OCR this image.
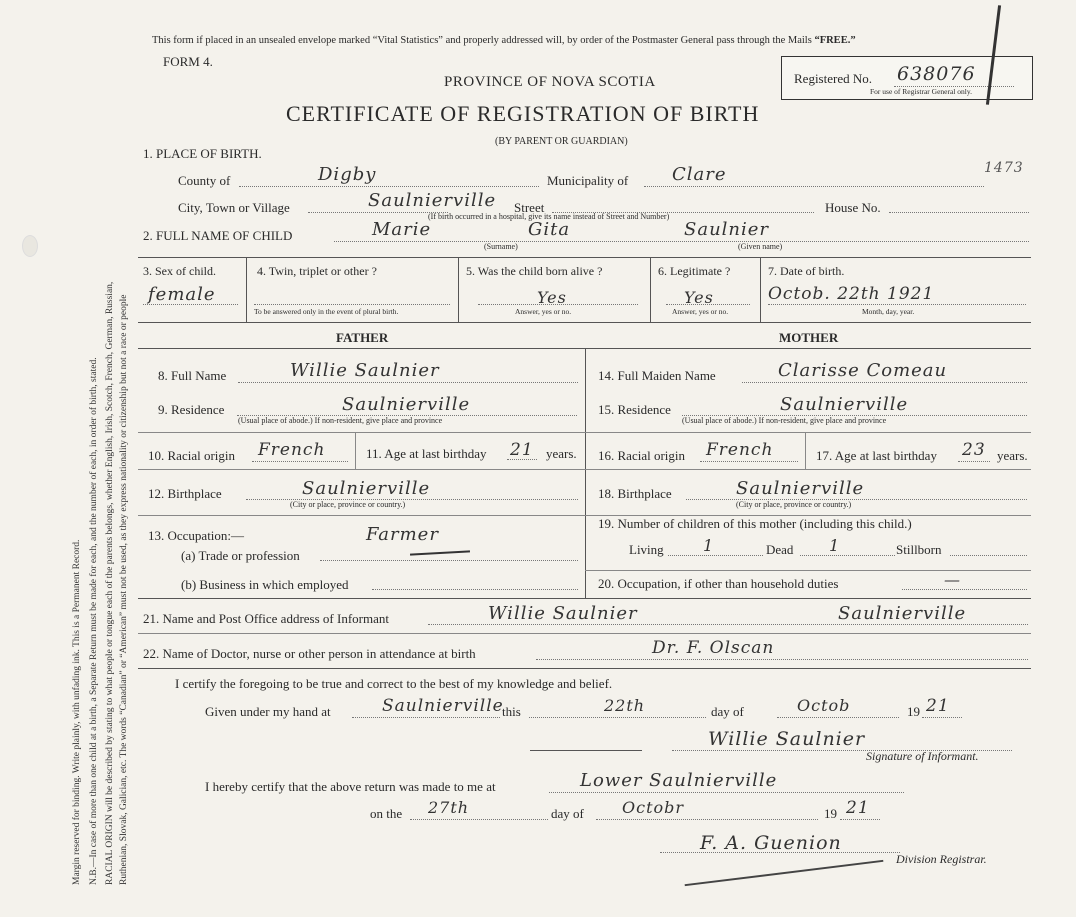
Margin reserved for binding. Write plainly, with unfading ink. This is a Permanent Record. N.B.—In case of more than one child at a birth, a Separate Return must be made for each, and the number of each, in order of birth, stated. RACIAL ORIGIN will be described by stating to what people or tongue each of the parents belongs, whether English, Irish, Scotch, French, German, Russian, Ruthenian, Slovak, Galician, etc. The words “Canadian” or “American” must not be used, as they express nationality or citizenship but not a race or people
This form if placed in an unsealed envelope marked “Vital Statistics” and properly addressed will, by order of the Postmaster General pass through the Mails “FREE.”
FORM 4.
PROVINCE OF NOVA SCOTIA
CERTIFICATE OF REGISTRATION OF BIRTH
(BY PARENT OR GUARDIAN)
Registered No. 638076
For use of Registrar General only.
1473
1. PLACE OF BIRTH.
County of	Digby	Municipality of Clare
City, Town or Village	Saulnierville Street
(If birth occurred in a hospital, give its name instead of Street and Number)
House No.
2. FULL NAME OF CHILD	Marie	Gita	Saulnier
(Surname)	(Given name)
3. Sex of child.
female
4. Twin, triplet or other ?
To be answered only in the event of plural birth.
5. Was the child born alive ?
Yes
Answer, yes or no.
6. Legitimate ?
Yes
Answer, yes or no.
7. Date of birth.
Octob. 22th 1921
Month, day, year.
FATHER	MOTHER
8. Full Name	Willie Saulnier
9. Residence	Saulnierville
(Usual place of abode.) If non-resident, give place and province
10. Racial origin French	11. Age at last birthday 21 years.
12. Birthplace	Saulnierville
(City or place, province or country.)
13. Occupation:—
(a) Trade or profession
Farmer
(b) Business in which employed
14. Full Maiden Name	Clarisse Comeau
15. Residence	Saulnierville
(Usual place of abode.) If non-resident, give place and province
16. Racial origin French	17. Age at last birthday 23 years.
18. Birthplace	Saulnierville
(City or place, province or country.)
19. Number of children of this mother (including this child.)
Living 1	Dead 1	Stillborn
20. Occupation, if other than household duties	—
21. Name and Post Office address of Informant	Willie Saulnier	Saulnierville
22. Name of Doctor, nurse or other person in attendance at birth	Dr. F. Olscan
I certify the foregoing to be true and correct to the best of my knowledge and belief.
Given under my hand at	Saulnierville
this	22th	day of	Octob	19 21
Willie Saulnier
Signature of Informant.
I hereby certify that the above return was made to me at	Lower Saulnierville
on the 27th	day of Octobr	19 21
F. A. Guenion
Division Registrar.
